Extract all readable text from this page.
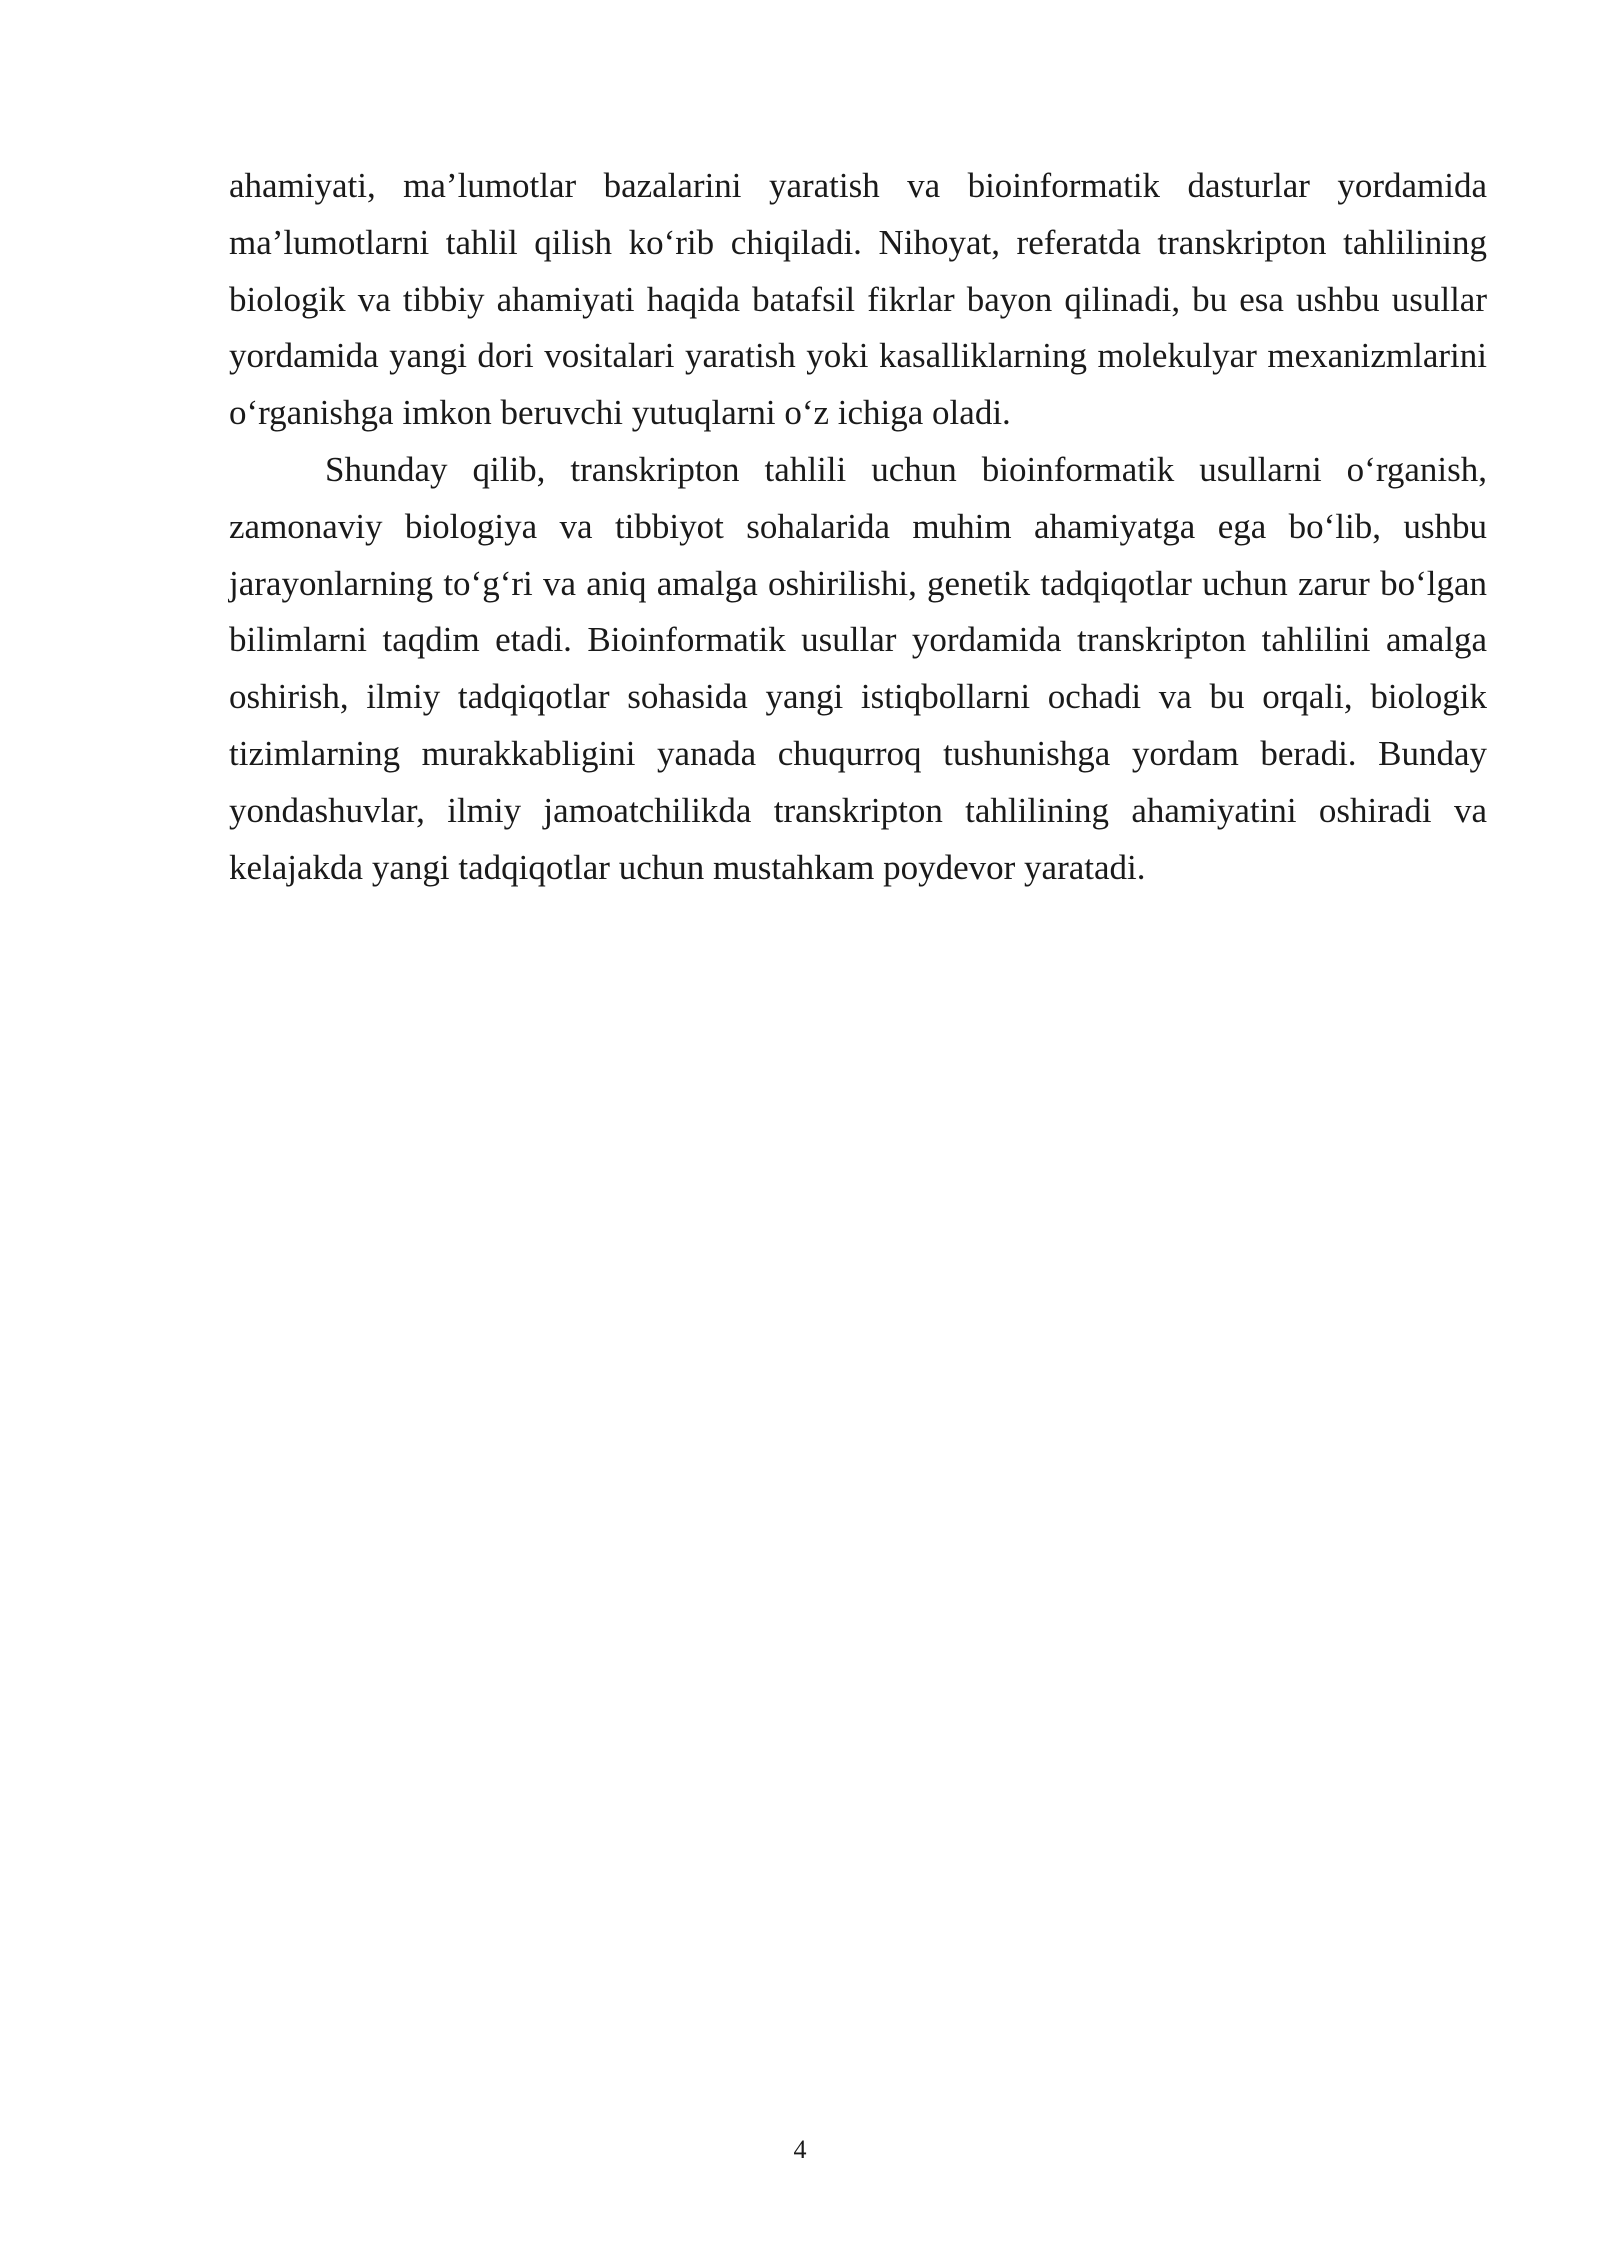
ahamiyati, ma’lumotlar bazalarini yaratish va bioinformatik dasturlar yordamida ma’lumotlarni tahlil qilish ko‘rib chiqiladi. Nihoyat, referatda transkripton tahlilining biologik va tibbiy ahamiyati haqida batafsil fikrlar bayon qilinadi, bu esa ushbu usullar yordamida yangi dori vositalari yaratish yoki kasalliklarning molekulyar mexanizmlarini o‘rganishga imkon beruvchi yutuqlarni o‘z ichiga oladi.

Shunday qilib, transkripton tahlili uchun bioinformatik usullarni o‘rganish, zamonaviy biologiya va tibbiyot sohalarida muhim ahamiyatga ega bo‘lib, ushbu jarayonlarning to‘g‘ri va aniq amalga oshirilishi, genetik tadqiqotlar uchun zarur bo‘lgan bilimlarni taqdim etadi. Bioinformatik usullar yordamida transkripton tahlilini amalga oshirish, ilmiy tadqiqotlar sohasida yangi istiqbollarni ochadi va bu orqali, biologik tizimlarning murakkabligini yanada chuqurroq tushunishga yordam beradi. Bunday yondashuvlar, ilmiy jamoatchilikda transkripton tahlilining ahamiyatini oshiradi va kelajakda yangi tadqiqotlar uchun mustahkam poydevor yaratadi.

4
